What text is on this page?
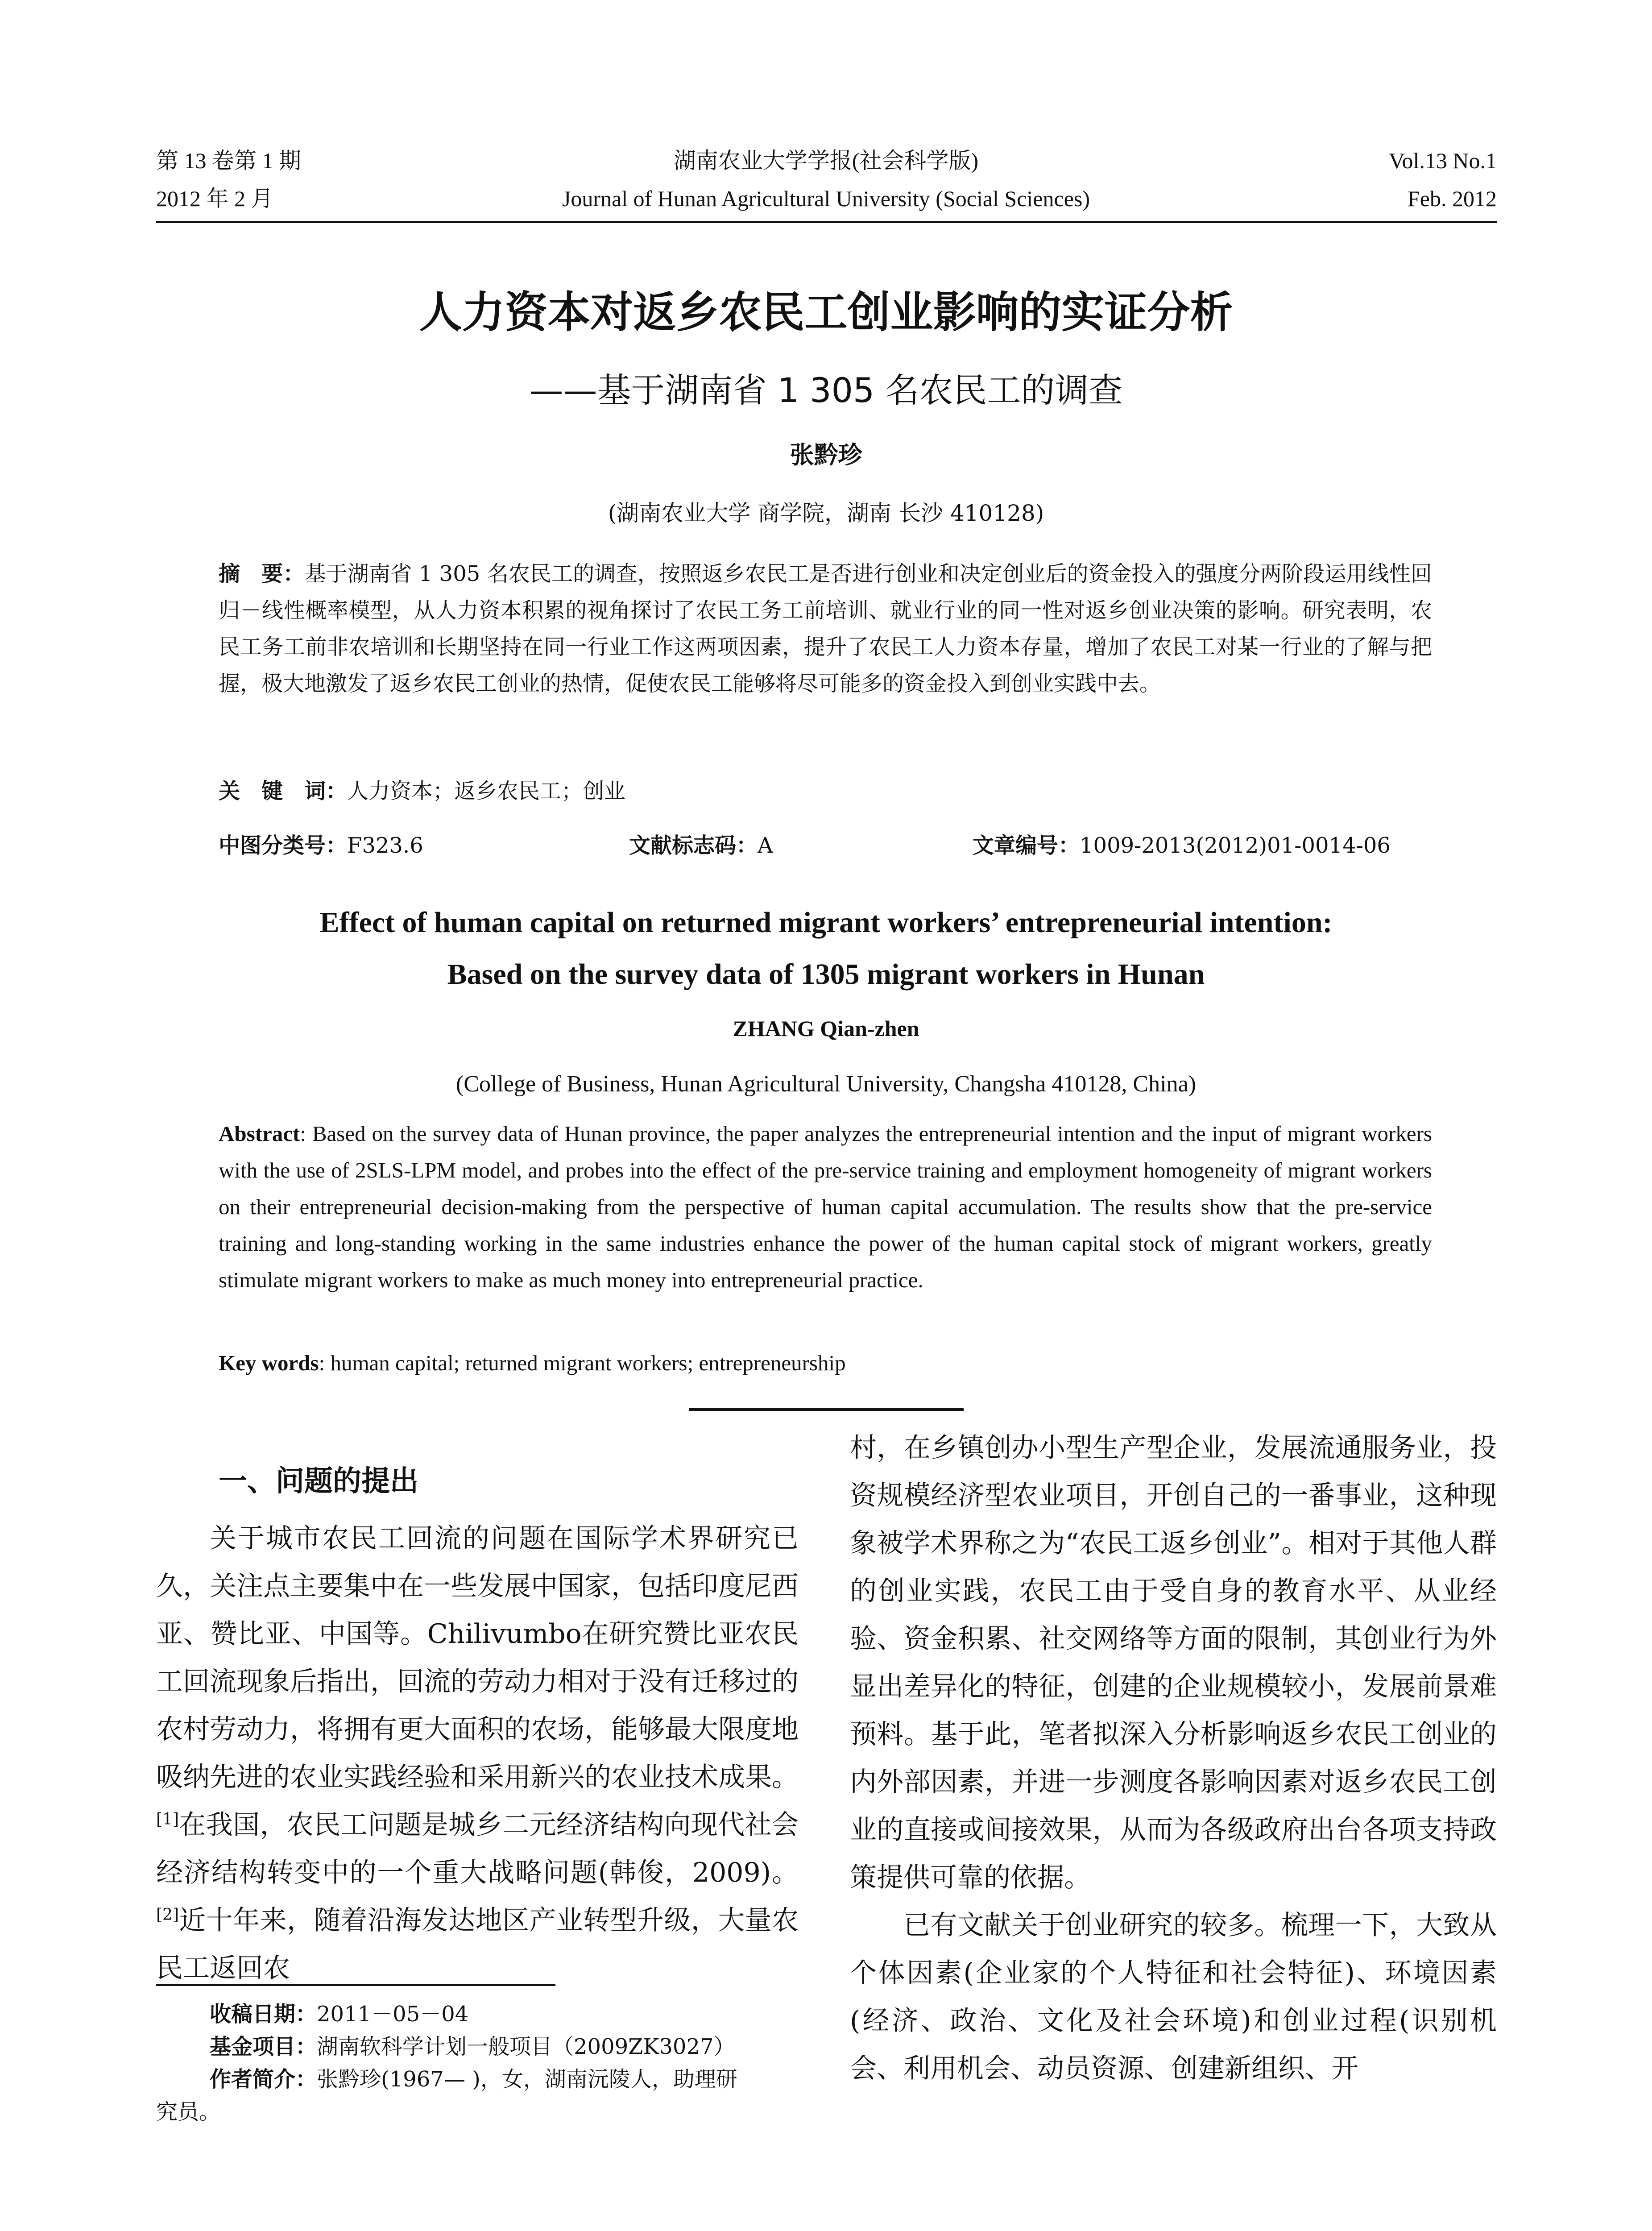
第 13 卷第 1 期
2012 年 2 月
湖南农业大学学报(社会科学版)
Journal of Hunan Agricultural University (Social Sciences)
Vol.13 No.1
Feb. 2012
人力资本对返乡农民工创业影响的实证分析
——基于湖南省 1 305 名农民工的调查
张黔珍
(湖南农业大学 商学院，湖南 长沙 410128)
摘　要：基于湖南省 1 305 名农民工的调查，按照返乡农民工是否进行创业和决定创业后的资金投入的强度分两阶段运用线性回归－线性概率模型，从人力资本积累的视角探讨了农民工务工前培训、就业行业的同一性对返乡创业决策的影响。研究表明，农民工务工前非农培训和长期坚持在同一行业工作这两项因素，提升了农民工人力资本存量，增加了农民工对某一行业的了解与把握，极大地激发了返乡农民工创业的热情，促使农民工能够将尽可能多的资金投入到创业实践中去。
关　键　词：人力资本；返乡农民工；创业
中图分类号：F323.6	文献标志码：A	文章编号：1009-2013(2012)01-0014-06
Effect of human capital on returned migrant workers’ entrepreneurial intention:
Based on the survey data of 1305 migrant workers in Hunan
ZHANG Qian-zhen
(College of Business, Hunan Agricultural University, Changsha 410128, China)
Abstract: Based on the survey data of Hunan province, the paper analyzes the entrepreneurial intention and the input of migrant workers with the use of 2SLS-LPM model, and probes into the effect of the pre-service training and employment homogeneity of migrant workers on their entrepreneurial decision-making from the perspective of human capital accumulation. The results show that the pre-service training and long-standing working in the same industries enhance the power of the human capital stock of migrant workers, greatly stimulate migrant workers to make as much money into entrepreneurial practice.
Key words: human capital; returned migrant workers; entrepreneurship
一、问题的提出

关于城市农民工回流的问题在国际学术界研究已久，关注点主要集中在一些发展中国家，包括印度尼西亚、赞比亚、中国等。Chilivumbo在研究赞比亚农民工回流现象后指出，回流的劳动力相对于没有迁移过的农村劳动力，将拥有更大面积的农场，能够最大限度地吸纳先进的农业实践经验和采用新兴的农业技术成果。[1]在我国，农民工问题是城乡二元经济结构向现代社会经济结构转变中的一个重大战略问题(韩俊，2009)。[2]近十年来，随着沿海发达地区产业转型升级，大量农民工返回农

村，在乡镇创办小型生产型企业，发展流通服务业，投资规模经济型农业项目，开创自己的一番事业，这种现象被学术界称之为“农民工返乡创业”。相对于其他人群的创业实践，农民工由于受自身的教育水平、从业经验、资金积累、社交网络等方面的限制，其创业行为外显出差异化的特征，创建的企业规模较小，发展前景难预料。基于此，笔者拟深入分析影响返乡农民工创业的内外部因素，并进一步测度各影响因素对返乡农民工创业的直接或间接效果，从而为各级政府出台各项支持政策提供可靠的依据。

已有文献关于创业研究的较多。梳理一下，大致从个体因素(企业家的个人特征和社会特征)、环境因素(经济、政治、文化及社会环境)和创业过程(识别机会、利用机会、动员资源、创建新组织、开

收稿日期：2011－05－04
基金项目：湖南软科学计划一般项目（2009ZK3027）
作者简介：张黔珍(1967— )，女，湖南沅陵人，助理研
究员。
